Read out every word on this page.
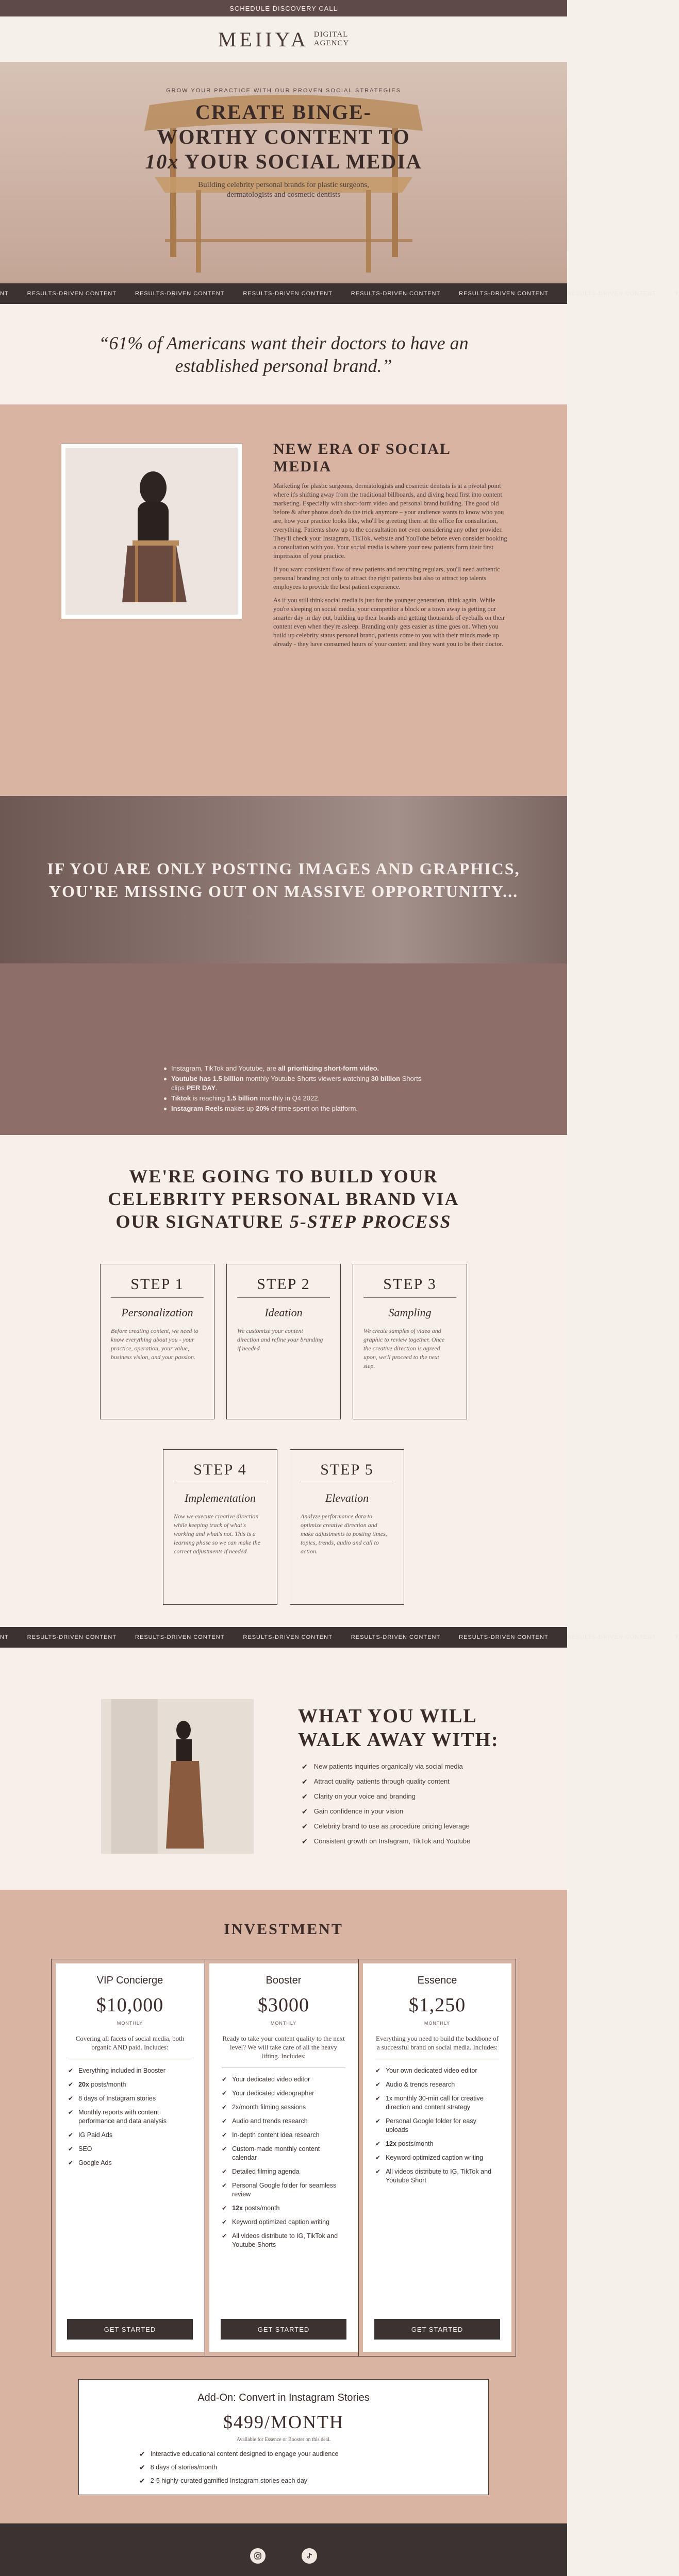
SCHEDULE DISCOVERY CALL
MEIIYA DIGITAL
AGENCY
GROW YOUR PRACTICE WITH OUR PROVEN SOCIAL STRATEGIES
CREATE BINGE-
WORTHY CONTENT TO
10x YOUR SOCIAL MEDIA
Building celebrity personal brands for plastic surgeons,
dermatologists and cosmetic dentists
NT	RESULTS-DRIVEN CONTENT	RESULTS-DRIVEN CONTENT	RESULTS-DRIVEN CONTENT	RESULTS-DRIVEN CONTENT	RESULTS-DRIVEN CONTENT	RESULTS-DRIVEN CONTENT	T

“61% of Americans want their doctors to have an established personal brand.”

NEW ERA OF SOCIAL MEDIA

Marketing for plastic surgeons, dermatologists and cosmetic dentists is at a pivotal point where it's shifting away from the traditional billboards, and diving head first into content marketing. Especially with short-form video and personal brand building. The good old before & after photos don't do the trick anymore – your audience wants to know who you are, how your practice looks like, who'll be greeting them at the office for consultation, everything. Patients show up to the consultation not even considering any other provider. They'll check your Instagram, TikTok, website and YouTube before even consider booking a consultation with you. Your social media is where your new patients form their first impression of your practice.

If you want consistent flow of new patients and returning regulars, you'll need authentic personal branding not only to attract the right patients but also to attract top talents employees to provide the best patient experience.

As if you still think social media is just for the younger generation, think again. While you're sleeping on social media, your competitor a block or a town away is getting our smarter day in day out, building up their brands and getting thousands of eyeballs on their content even when they're asleep. Branding only gets easier as time goes on. When you build up celebrity status personal brand, patients come to you with their minds made up already - they have consumed hours of your content and they want you to be their doctor.

IF YOU ARE ONLY POSTING IMAGES AND GRAPHICS,
YOU'RE MISSING OUT ON MASSIVE OPPORTUNITY...
Instagram, TikTok and Youtube, are all prioritizing short-form video.
Youtube has 1.5 billion monthly Youtube Shorts viewers watching 30 billion Shorts clips PER DAY.
Tiktok is reaching 1.5 billion monthly in Q4 2022.
Instagram Reels makes up 20% of time spent on the platform.
WE'RE GOING TO BUILD YOUR
CELEBRITY PERSONAL BRAND VIA
OUR SIGNATURE 5-STEP PROCESS
STEP 1
Personalization

Before creating content, we need to know everything about you - your practice, operation, your value, business vision, and your passion.

STEP 2
Ideation

We customize your content direction and refine your branding if needed.

STEP 3
Sampling

We create samples of video and graphic to review together. Once the creative direction is agreed upon, we'll proceed to the next step.

STEP 4
Implementation

Now we execute creative direction while keeping track of what's working and what's not. This is a learning phase so we can make the correct adjustments if needed.

STEP 5
Elevation

Analyze performance data to optimize creative direction and make adjustments to posting times, topics, trends, audio and call to action.

NT	RESULTS-DRIVEN CONTENT	RESULTS-DRIVEN CONTENT	RESULTS-DRIVEN CONTENT	RESULTS-DRIVEN CONTENT	RESULTS-DRIVEN CONTENT	RESULTS-DRIVEN CONTENT	T
WHAT YOU WILL
WALK AWAY WITH:
✔ New patients inquiries organically via social media
✔ Attract quality patients through quality content
✔ Clarity on your voice and branding
✔ Gain confidence in your vision
✔ Celebrity brand to use as procedure pricing leverage
✔ Consistent growth on Instagram, TikTok and Youtube
INVESTMENT
VIP Concierge
$10,000
MONTHLY
Covering all facets of social media, both organic AND paid. Includes:
✔ Everything included in Booster
✔ 20x posts/month
✔ 8 days of Instagram stories
✔ Monthly reports with content performance and data analysis
✔ IG Paid Ads
✔ SEO
✔ Google Ads
GET STARTED
Booster
$3000
MONTHLY
Ready to take your content quality to the next level? We will take care of all the heavy lifting. Includes:
✔ Your dedicated video editor
✔ Your dedicated videographer
✔ 2x/month filming sessions
✔ Audio and trends research
✔ In-depth content idea research
✔ Custom-made monthly content calendar
✔ Detailed filming agenda
✔ Personal Google folder for seamless review
✔ 12x posts/month
✔ Keyword optimized caption writing
✔ All videos distribute to IG, TikTok and Youtube Shorts
GET STARTED
Essence
$1,250
MONTHLY
Everything you need to build the backbone of a successful brand on social media. Includes:
✔ Your own dedicated video editor
✔ Audio & trends research
✔ 1x monthly 30-min call for creative direction and content strategy
✔ Personal Google folder for easy uploads
✔ 12x posts/month
✔ Keyword optimized caption writing
✔ All videos distribute to IG, TikTok and Youtube Short
GET STARTED
Add-On: Convert in Instagram Stories
$499/MONTH
Available for Essence or Booster on this deal.
✔ Interactive educational content designed to engage your audience
✔ 8 days of stories/month
✔ 2-5 highly-curated gamified Instagram stories each day
